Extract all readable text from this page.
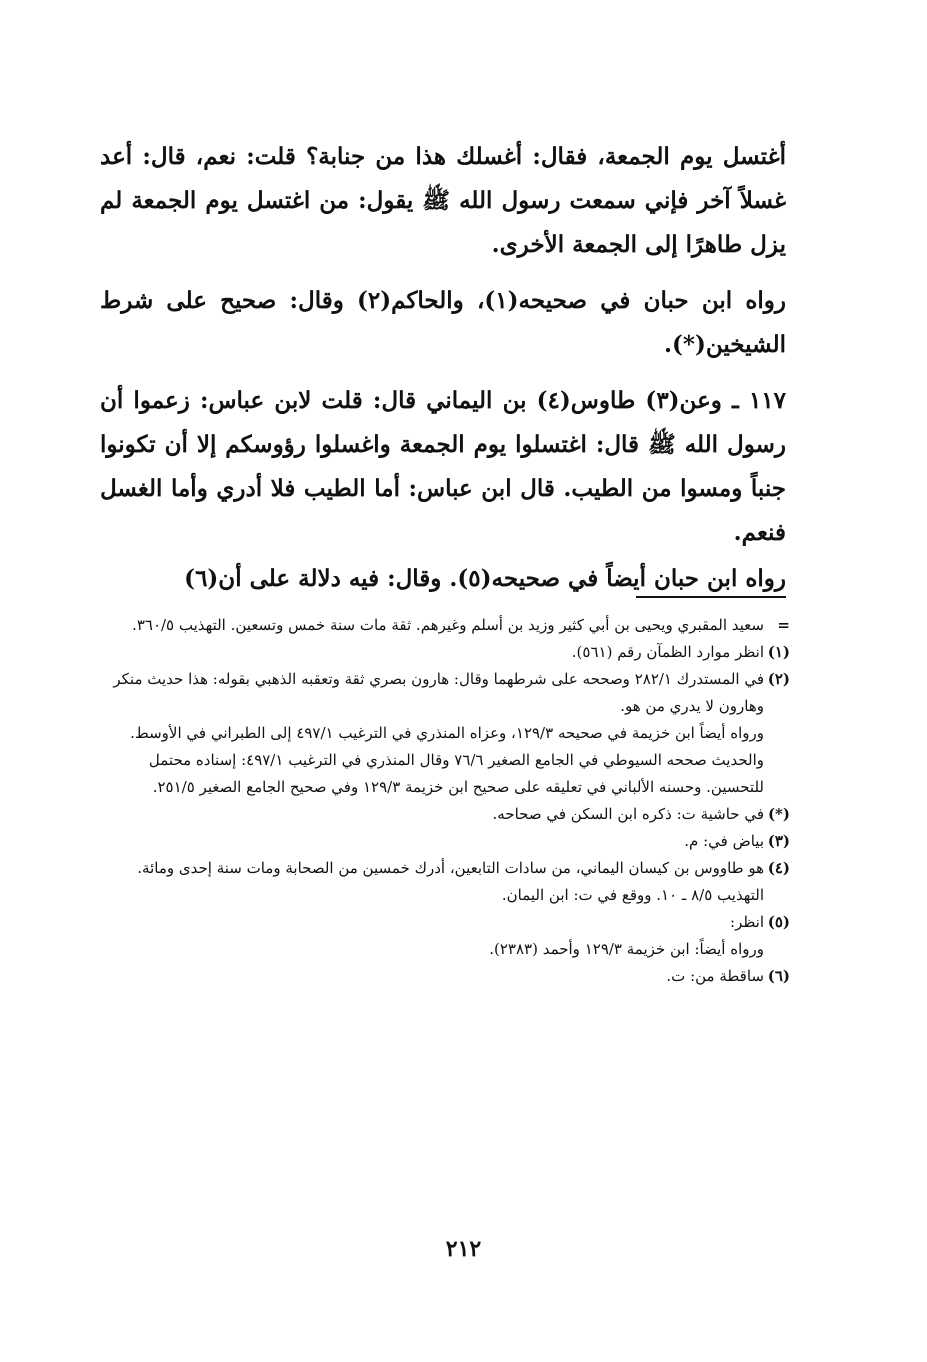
أغتسل يوم الجمعة، فقال: أغسلك هذا من جنابة؟ قلت: نعم، قال: أعد غسلاً آخر فإني سمعت رسول الله ﷺ يقول: من اغتسل يوم الجمعة لم يزل طاهرًا إلى الجمعة الأخرى.

رواه ابن حبان في صحيحه(١)، والحاكم(٢) وقال: صحيح على شرط الشيخين(*).

١١٧ ـ وعن(٣) طاوس(٤) بن اليماني قال: قلت لابن عباس: زعموا أن رسول الله ﷺ قال: اغتسلوا يوم الجمعة واغسلوا رؤوسكم إلا أن تكونوا جنباً ومسوا من الطيب. قال ابن عباس: أما الطيب فلا أدري وأما الغسل فنعم.

رواه ابن حبان أيضاً في صحيحه(٥). وقال: فيه دلالة على أن(٦)

=
سعيد المقبري ويحيى بن أبي كثير وزيد بن أسلم وغيرهم. ثقة مات سنة خمس وتسعين. التهذيب ٣٦٠/٥.
(١)
انظر موارد الظمآن رقم (٥٦١).
(٢)
في المستدرك ٢٨٢/١ وصححه على شرطهما وقال: هارون بصري ثقة وتعقبه الذهبي بقوله: هذا حديث منكر وهارون لا يدري من هو.
ورواه أيضاً ابن خزيمة في صحيحه ١٢٩/٣، وعزاه المنذري في الترغيب ٤٩٧/١ إلى الطبراني في الأوسط.
والحديث صححه السيوطي في الجامع الصغير ٧٦/٦ وقال المنذري في الترغيب ٤٩٧/١: إسناده محتمل للتحسين. وحسنه الألباني في تعليقه على صحيح ابن خزيمة ١٢٩/٣ وفي صحيح الجامع الصغير ٢٥١/٥.
(*)
في حاشية ت: ذكره ابن السكن في صحاحه.
(٣)
بياض في: م.
(٤)
هو طاووس بن كيسان اليماني، من سادات التابعين، أدرك خمسين من الصحابة ومات سنة إحدى ومائة. التهذيب ٨/٥ ـ ١٠. ووقع في ت: ابن اليمان.
(٥)
انظر:
ورواه أيضاً: ابن خزيمة ١٢٩/٣ وأحمد (٢٣٨٣).
(٦)
ساقطة من: ت.
٢١٢
